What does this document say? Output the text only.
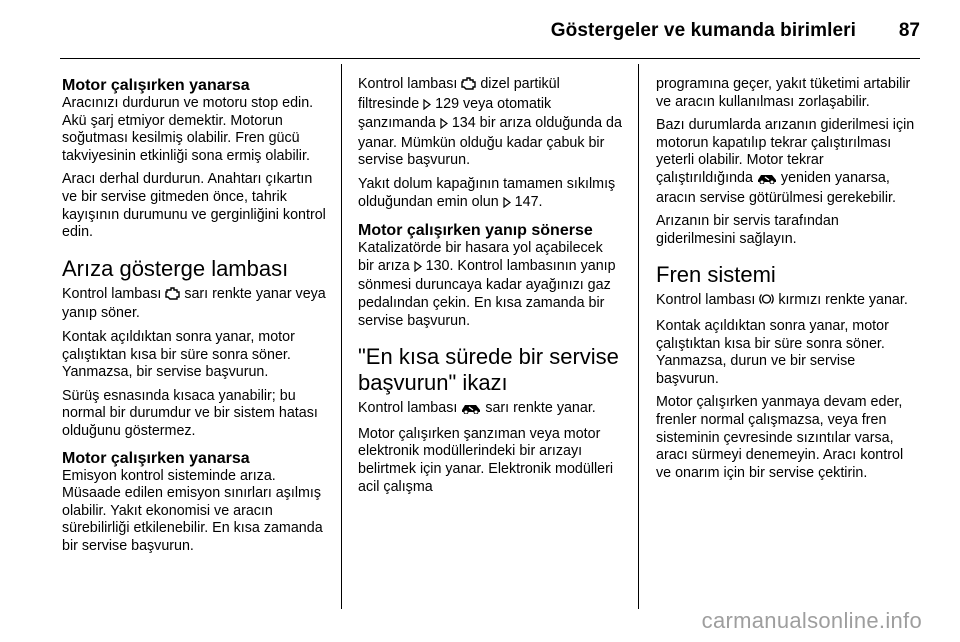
Göstergeler ve kumanda birimleri 87
Motor çalışırken yanarsa

Aracınızı durdurun ve motoru stop edin. Akü şarj etmiyor demektir. Motorun soğutması kesilmiş olabilir. Fren gücü takviyesinin etkinliği sona ermiş olabilir.

Aracı derhal durdurun. Anahtarı çıkartın ve bir servise gitmeden önce, tahrik kayışının durumunu ve gerginliğini kontrol edin.

Arıza gösterge lambası

Kontrol lambası sarı renkte yanar veya yanıp söner.

Kontak açıldıktan sonra yanar, motor çalıştıktan kısa bir süre sonra söner. Yanmazsa, bir servise başvurun.

Sürüş esnasında kısaca yanabilir; bu normal bir durumdur ve bir sistem hatası olduğunu göstermez.

Motor çalışırken yanarsa

Emisyon kontrol sisteminde arıza. Müsaade edilen emisyon sınırları aşılmış olabilir. Yakıt ekonomisi ve aracın sürebilirliği etkilenebilir. En kısa zamanda bir servise başvurun.

Kontrol lambası dizel partikül filtresinde 129 veya otomatik şanzımanda 134 bir arıza olduğunda da yanar. Mümkün olduğu kadar çabuk bir servise başvurun.

Yakıt dolum kapağının tamamen sıkılmış olduğundan emin olun 147.

Motor çalışırken yanıp sönerse

Katalizatörde bir hasara yol açabilecek bir arıza 130. Kontrol lambasının yanıp sönmesi duruncaya kadar ayağınızı gaz pedalından çekin. En kısa zamanda bir servise başvurun.

"En kısa sürede bir servise başvurun" ikazı

Kontrol lambası sarı renkte yanar.

Motor çalışırken şanzıman veya motor elektronik modüllerindeki bir arızayı belirtmek için yanar. Elektronik modülleri acil çalışma

programına geçer, yakıt tüketimi artabilir ve aracın kullanılması zorlaşabilir.

Bazı durumlarda arızanın giderilmesi için motorun kapatılıp tekrar çalıştırılması yeterli olabilir. Motor tekrar çalıştırıldığında yeniden yanarsa, aracın servise götürülmesi gerekebilir.

Arızanın bir servis tarafından giderilmesini sağlayın.

Fren sistemi

Kontrol lambası kırmızı renkte yanar.

Kontak açıldıktan sonra yanar, motor çalıştıktan kısa bir süre sonra söner. Yanmazsa, durun ve bir servise başvurun.

Motor çalışırken yanmaya devam eder, frenler normal çalışmazsa, veya fren sisteminin çevresinde sızıntılar varsa, aracı sürmeyi denemeyin. Aracı kontrol ve onarım için bir servise çektirin.

carmanualsonline.info
